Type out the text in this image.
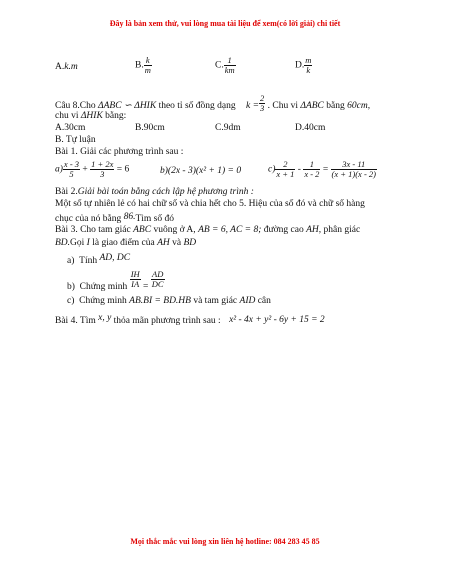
Đây là bản xem thử, vui lòng mua tài liệu để xem(có lời giải) chi tiết
A.k.m	B. $\frac{k}{m}$	C. $\frac{1}{km}$	D. $\frac{m}{k}$
Câu 8.Cho ΔABC ∽ ΔHIK theo tỉ số đồng dạng $k = \frac{2}{3}$ . Chu vi ΔABC bằng 60cm,
chu vi ΔHIK bằng:
A.30cm	B.90cm	C.9dm	D.40cm
B. Tự luận
Bài 1. Giải các phương trình sau :
$a) \frac{x - 3}{5} + \frac{1 + 2x}{3} = 6$	b)(2x - 3)(x² + 1) = 0	$c) \frac{2}{x + 1} - \frac{1}{x - 2} = \frac{3x - 11}{(x + 1)(x - 2)}$
Bài 2.Giải bài toán bằng cách lập hệ phương trình :
Một số tự nhiên lẻ có hai chữ số và chia hết cho 5. Hiệu của số đó và chữ số hàng
chục của nó bằng 86.Tìm số đó
Bài 3. Cho tam giác ABC vuông ở A, AB = 6, AC = 8; đường cao AH, phân giác
BD.Gọi I là giao điểm của AH và BD
a) Tính AD, DC
b) Chứng minh $\frac{IH}{IA} = \frac{AD}{DC}$
c) Chứng minh AB.BI = BD.HB và tam giác AID cân
Bài 4. Tìm x, y thỏa mãn phương trình sau : x² - 4x + y² - 6y + 15 = 2
Mọi thắc mắc vui lòng xin liên hệ hotline: 084 283 45 85
